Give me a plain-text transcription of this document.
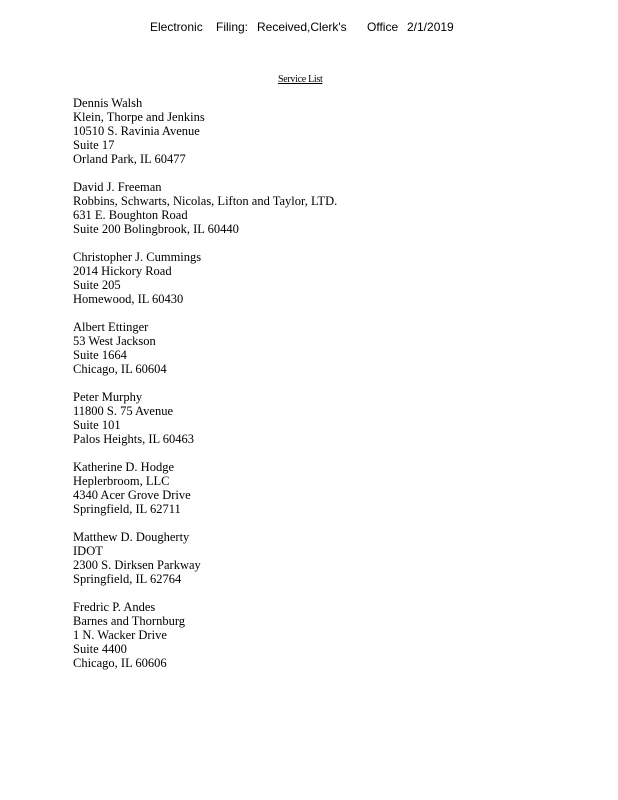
Electronic Filing: Received,Clerk's Office 2/1/2019
Service List
Dennis Walsh
Klein, Thorpe and Jenkins
10510 S. Ravinia Avenue
Suite 17
Orland Park, IL 60477
David J. Freeman
Robbins, Schwarts, Nicolas, Lifton and Taylor, LTD.
631 E. Boughton Road
Suite 200 Bolingbrook, IL 60440
Christopher J. Cummings
2014 Hickory Road
Suite 205
Homewood, IL 60430
Albert Ettinger
53 West Jackson
Suite 1664
Chicago, IL 60604
Peter Murphy
11800 S. 75 Avenue
Suite 101
Palos Heights, IL 60463
Katherine D. Hodge
Heplerbroom, LLC
4340 Acer Grove Drive
Springfield, IL 62711
Matthew D. Dougherty
IDOT
2300 S. Dirksen Parkway
Springfield, IL 62764
Fredric P. Andes
Barnes and Thornburg
1 N. Wacker Drive
Suite 4400
Chicago, IL 60606
